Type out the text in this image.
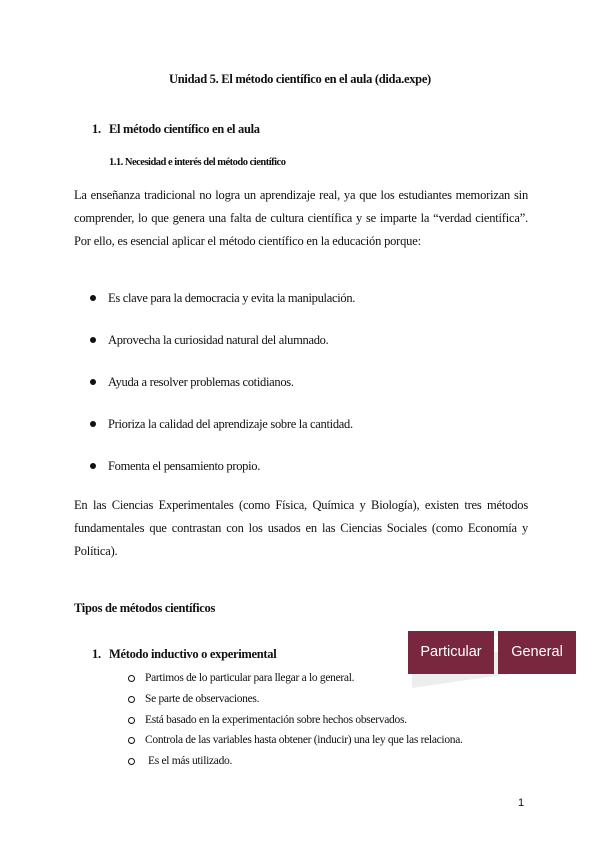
Unidad 5. El método científico en el aula (dida.expe)
1. El método científico en el aula
1.1. Necesidad e interés del método científico
La enseñanza tradicional no logra un aprendizaje real, ya que los estudiantes memorizan sin comprender, lo que genera una falta de cultura científica y se imparte la “verdad científica”. Por ello, es esencial aplicar el método científico en la educación porque:
Es clave para la democracia y evita la manipulación.
Aprovecha la curiosidad natural del alumnado.
Ayuda a resolver problemas cotidianos.
Prioriza la calidad del aprendizaje sobre la cantidad.
Fomenta el pensamiento propio.
En las Ciencias Experimentales (como Física, Química y Biología), existen tres métodos fundamentales que contrastan con los usados en las Ciencias Sociales (como Economía y Política).
Tipos de métodos científicos
1. Método inductivo o experimental
Partimos de lo particular para llegar a lo general.
Se parte de observaciones.
Está basado en la experimentación sobre hechos observados.
Controla de las variables hasta obtener (inducir) una ley que las relaciona.
Es el más utilizado.
Particular	General
1
